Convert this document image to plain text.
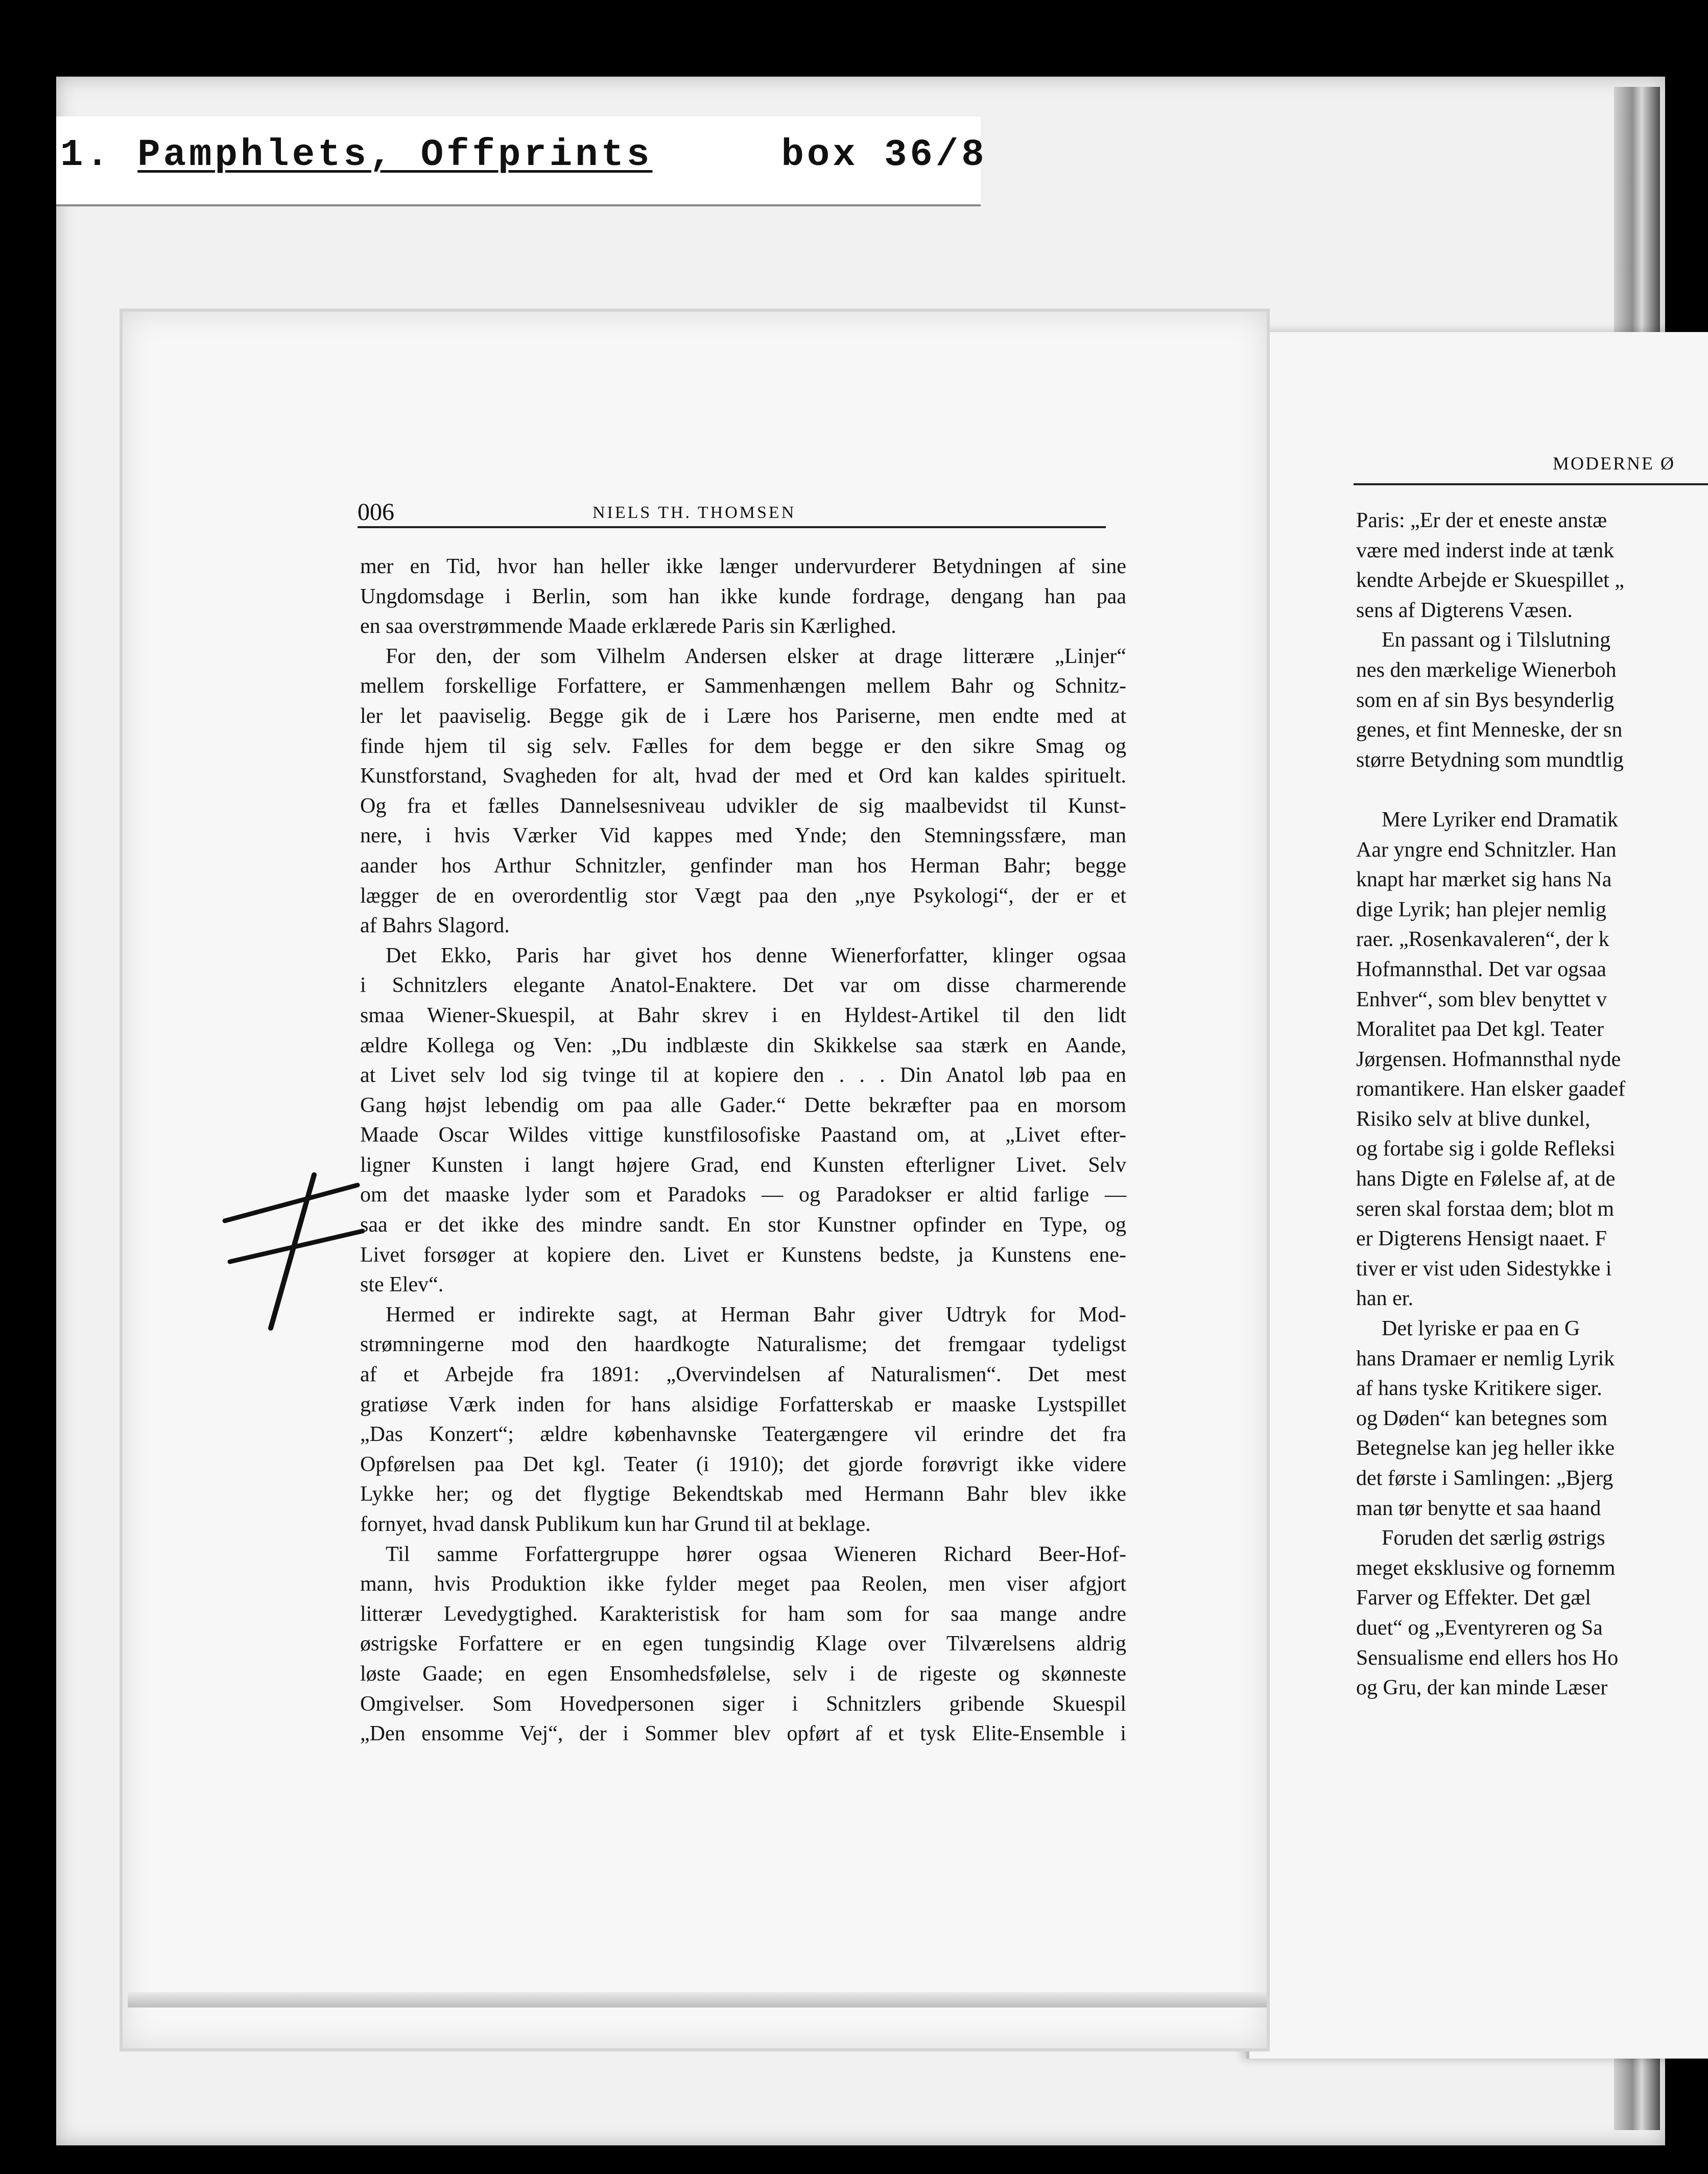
1. Pamphlets, Offprints	box 36/8
MODERNE Ø
Paris: „Er der et eneste anstæ
være med inderst inde at tænk
kendte Arbejde er Skuespillet „
sens af Digterens Væsen.
En passant og i Tilslutning
nes den mærkelige Wienerboh
som en af sin Bys besynderlig
genes, et fint Menneske, der sn
større Betydning som mundtlig

Mere Lyriker end Dramatik
Aar yngre end Schnitzler. Han
knapt har mærket sig hans Na
dige Lyrik; han plejer nemlig
raer. „Rosenkavaleren“, der k
Hofmannsthal. Det var ogsaa
Enhver“, som blev benyttet v
Moralitet paa Det kgl. Teater
Jørgensen. Hofmannsthal nyde
romantikere. Han elsker gaadef
Risiko selv at blive dunkel,
og fortabe sig i golde Refleksi
hans Digte en Følelse af, at de
seren skal forstaa dem; blot m
er Digterens Hensigt naaet. F
tiver er vist uden Sidestykke i
han er.
Det lyriske er paa en G
hans Dramaer er nemlig Lyrik
af hans tyske Kritikere siger.
og Døden“ kan betegnes som
Betegnelse kan jeg heller ikke
det første i Samlingen: „Bjerg
man tør benytte et saa haand
Foruden det særlig østrigs
meget eksklusive og fornemm
Farver og Effekter. Det gæl
duet“ og „Eventyreren og Sa
Sensualisme end ellers hos Ho
og Gru, der kan minde Læser
006	NIELS TH. THOMSEN
mer en Tid, hvor han heller ikke længer undervurderer Betydningen af sine
Ungdomsdage i Berlin, som han ikke kunde fordrage, dengang han paa
en saa overstrømmende Maade erklærede Paris sin Kærlighed.
For den, der som Vilhelm Andersen elsker at drage litterære „Linjer“
mellem forskellige Forfattere, er Sammenhængen mellem Bahr og Schnitz-
ler let paaviselig. Begge gik de i Lære hos Pariserne, men endte med at
finde hjem til sig selv. Fælles for dem begge er den sikre Smag og
Kunstforstand, Svagheden for alt, hvad der med et Ord kan kaldes spirituelt.
Og fra et fælles Dannelsesniveau udvikler de sig maalbevidst til Kunst-
nere, i hvis Værker Vid kappes med Ynde; den Stemningssfære, man
aander hos Arthur Schnitzler, genfinder man hos Herman Bahr; begge
lægger de en overordentlig stor Vægt paa den „nye Psykologi“, der er et
af Bahrs Slagord.
Det Ekko, Paris har givet hos denne Wienerforfatter, klinger ogsaa
i Schnitzlers elegante Anatol-Enaktere. Det var om disse charmerende
smaa Wiener-Skuespil, at Bahr skrev i en Hyldest-Artikel til den lidt
ældre Kollega og Ven: „Du indblæste din Skikkelse saa stærk en Aande,
at Livet selv lod sig tvinge til at kopiere den . . . Din Anatol løb paa en
Gang højst lebendig om paa alle Gader.“ Dette bekræfter paa en morsom
Maade Oscar Wildes vittige kunstfilosofiske Paastand om, at „Livet efter-
ligner Kunsten i langt højere Grad, end Kunsten efterligner Livet. Selv
om det maaske lyder som et Paradoks — og Paradokser er altid farlige —
saa er det ikke des mindre sandt. En stor Kunstner opfinder en Type, og
Livet forsøger at kopiere den. Livet er Kunstens bedste, ja Kunstens ene-
ste Elev“.
Hermed er indirekte sagt, at Herman Bahr giver Udtryk for Mod-
strømningerne mod den haardkogte Naturalisme; det fremgaar tydeligst
af et Arbejde fra 1891: „Overvindelsen af Naturalismen“. Det mest
gratiøse Værk inden for hans alsidige Forfatterskab er maaske Lystspillet
„Das Konzert“; ældre københavnske Teatergængere vil erindre det fra
Opførelsen paa Det kgl. Teater (i 1910); det gjorde forøvrigt ikke videre
Lykke her; og det flygtige Bekendtskab med Hermann Bahr blev ikke
fornyet, hvad dansk Publikum kun har Grund til at beklage.
Til samme Forfattergruppe hører ogsaa Wieneren Richard Beer-Hof-
mann, hvis Produktion ikke fylder meget paa Reolen, men viser afgjort
litterær Levedygtighed. Karakteristisk for ham som for saa mange andre
østrigske Forfattere er en egen tungsindig Klage over Tilværelsens aldrig
løste Gaade; en egen Ensomhedsfølelse, selv i de rigeste og skønneste
Omgivelser. Som Hovedpersonen siger i Schnitzlers gribende Skuespil
„Den ensomme Vej“, der i Sommer blev opført af et tysk Elite-Ensemble i
